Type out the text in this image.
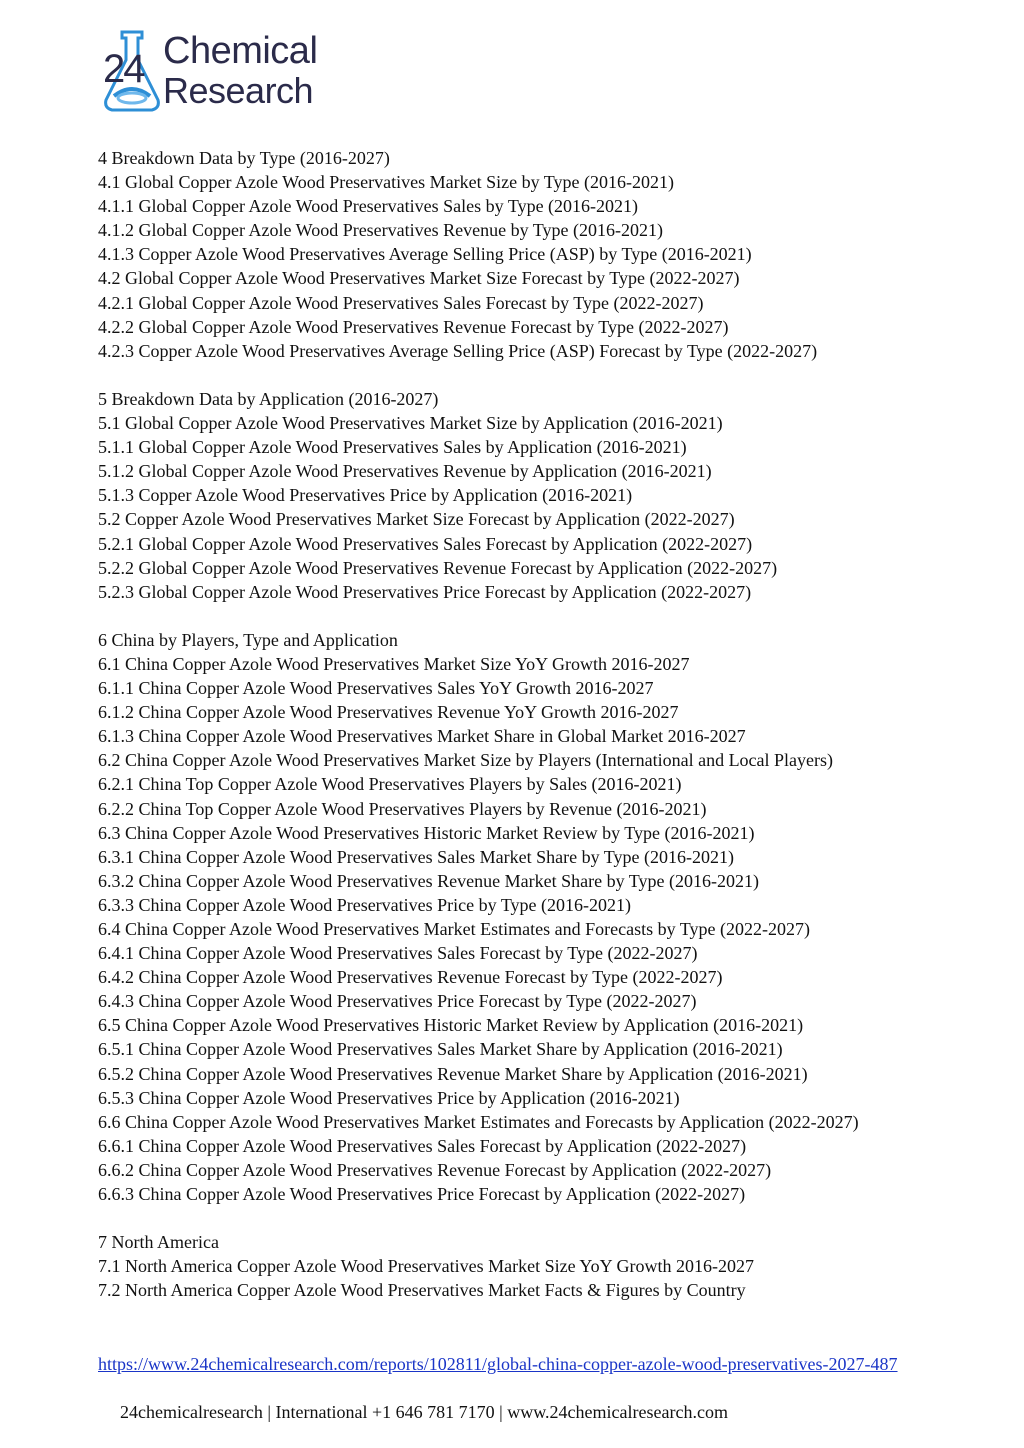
24 Chemical
Research
4 Breakdown Data by Type (2016-2027)
4.1 Global Copper Azole Wood Preservatives Market Size by Type (2016-2021)
4.1.1 Global Copper Azole Wood Preservatives Sales by Type (2016-2021)
4.1.2 Global Copper Azole Wood Preservatives Revenue by Type (2016-2021)
4.1.3 Copper Azole Wood Preservatives Average Selling Price (ASP) by Type (2016-2021)
4.2 Global Copper Azole Wood Preservatives Market Size Forecast by Type (2022-2027)
4.2.1 Global Copper Azole Wood Preservatives Sales Forecast by Type (2022-2027)
4.2.2 Global Copper Azole Wood Preservatives Revenue Forecast by Type (2022-2027)
4.2.3 Copper Azole Wood Preservatives Average Selling Price (ASP) Forecast by Type (2022-2027)
5 Breakdown Data by Application (2016-2027)
5.1 Global Copper Azole Wood Preservatives Market Size by Application (2016-2021)
5.1.1 Global Copper Azole Wood Preservatives Sales by Application (2016-2021)
5.1.2 Global Copper Azole Wood Preservatives Revenue by Application (2016-2021)
5.1.3 Copper Azole Wood Preservatives Price by Application (2016-2021)
5.2 Copper Azole Wood Preservatives Market Size Forecast by Application (2022-2027)
5.2.1 Global Copper Azole Wood Preservatives Sales Forecast by Application (2022-2027)
5.2.2 Global Copper Azole Wood Preservatives Revenue Forecast by Application (2022-2027)
5.2.3 Global Copper Azole Wood Preservatives Price Forecast by Application (2022-2027)
6 China by Players, Type and Application
6.1 China Copper Azole Wood Preservatives Market Size YoY Growth 2016-2027
6.1.1 China Copper Azole Wood Preservatives Sales YoY Growth 2016-2027
6.1.2 China Copper Azole Wood Preservatives Revenue YoY Growth 2016-2027
6.1.3 China Copper Azole Wood Preservatives Market Share in Global Market 2016-2027
6.2 China Copper Azole Wood Preservatives Market Size by Players (International and Local Players)
6.2.1 China Top Copper Azole Wood Preservatives Players by Sales (2016-2021)
6.2.2 China Top Copper Azole Wood Preservatives Players by Revenue (2016-2021)
6.3 China Copper Azole Wood Preservatives Historic Market Review by Type (2016-2021)
6.3.1 China Copper Azole Wood Preservatives Sales Market Share by Type (2016-2021)
6.3.2 China Copper Azole Wood Preservatives Revenue Market Share by Type (2016-2021)
6.3.3 China Copper Azole Wood Preservatives Price by Type (2016-2021)
6.4 China Copper Azole Wood Preservatives Market Estimates and Forecasts by Type (2022-2027)
6.4.1 China Copper Azole Wood Preservatives Sales Forecast by Type (2022-2027)
6.4.2 China Copper Azole Wood Preservatives Revenue Forecast by Type (2022-2027)
6.4.3 China Copper Azole Wood Preservatives Price Forecast by Type (2022-2027)
6.5 China Copper Azole Wood Preservatives Historic Market Review by Application (2016-2021)
6.5.1 China Copper Azole Wood Preservatives Sales Market Share by Application (2016-2021)
6.5.2 China Copper Azole Wood Preservatives Revenue Market Share by Application (2016-2021)
6.5.3 China Copper Azole Wood Preservatives Price by Application (2016-2021)
6.6 China Copper Azole Wood Preservatives Market Estimates and Forecasts by Application (2022-2027)
6.6.1 China Copper Azole Wood Preservatives Sales Forecast by Application (2022-2027)
6.6.2 China Copper Azole Wood Preservatives Revenue Forecast by Application (2022-2027)
6.6.3 China Copper Azole Wood Preservatives Price Forecast by Application (2022-2027)
7 North America
7.1 North America Copper Azole Wood Preservatives Market Size YoY Growth 2016-2027
7.2 North America Copper Azole Wood Preservatives Market Facts & Figures by Country
https://www.24chemicalresearch.com/reports/102811/global-china-copper-azole-wood-preservatives-2027-487
24chemicalresearch | International +1 646 781 7170 | www.24chemicalresearch.com
